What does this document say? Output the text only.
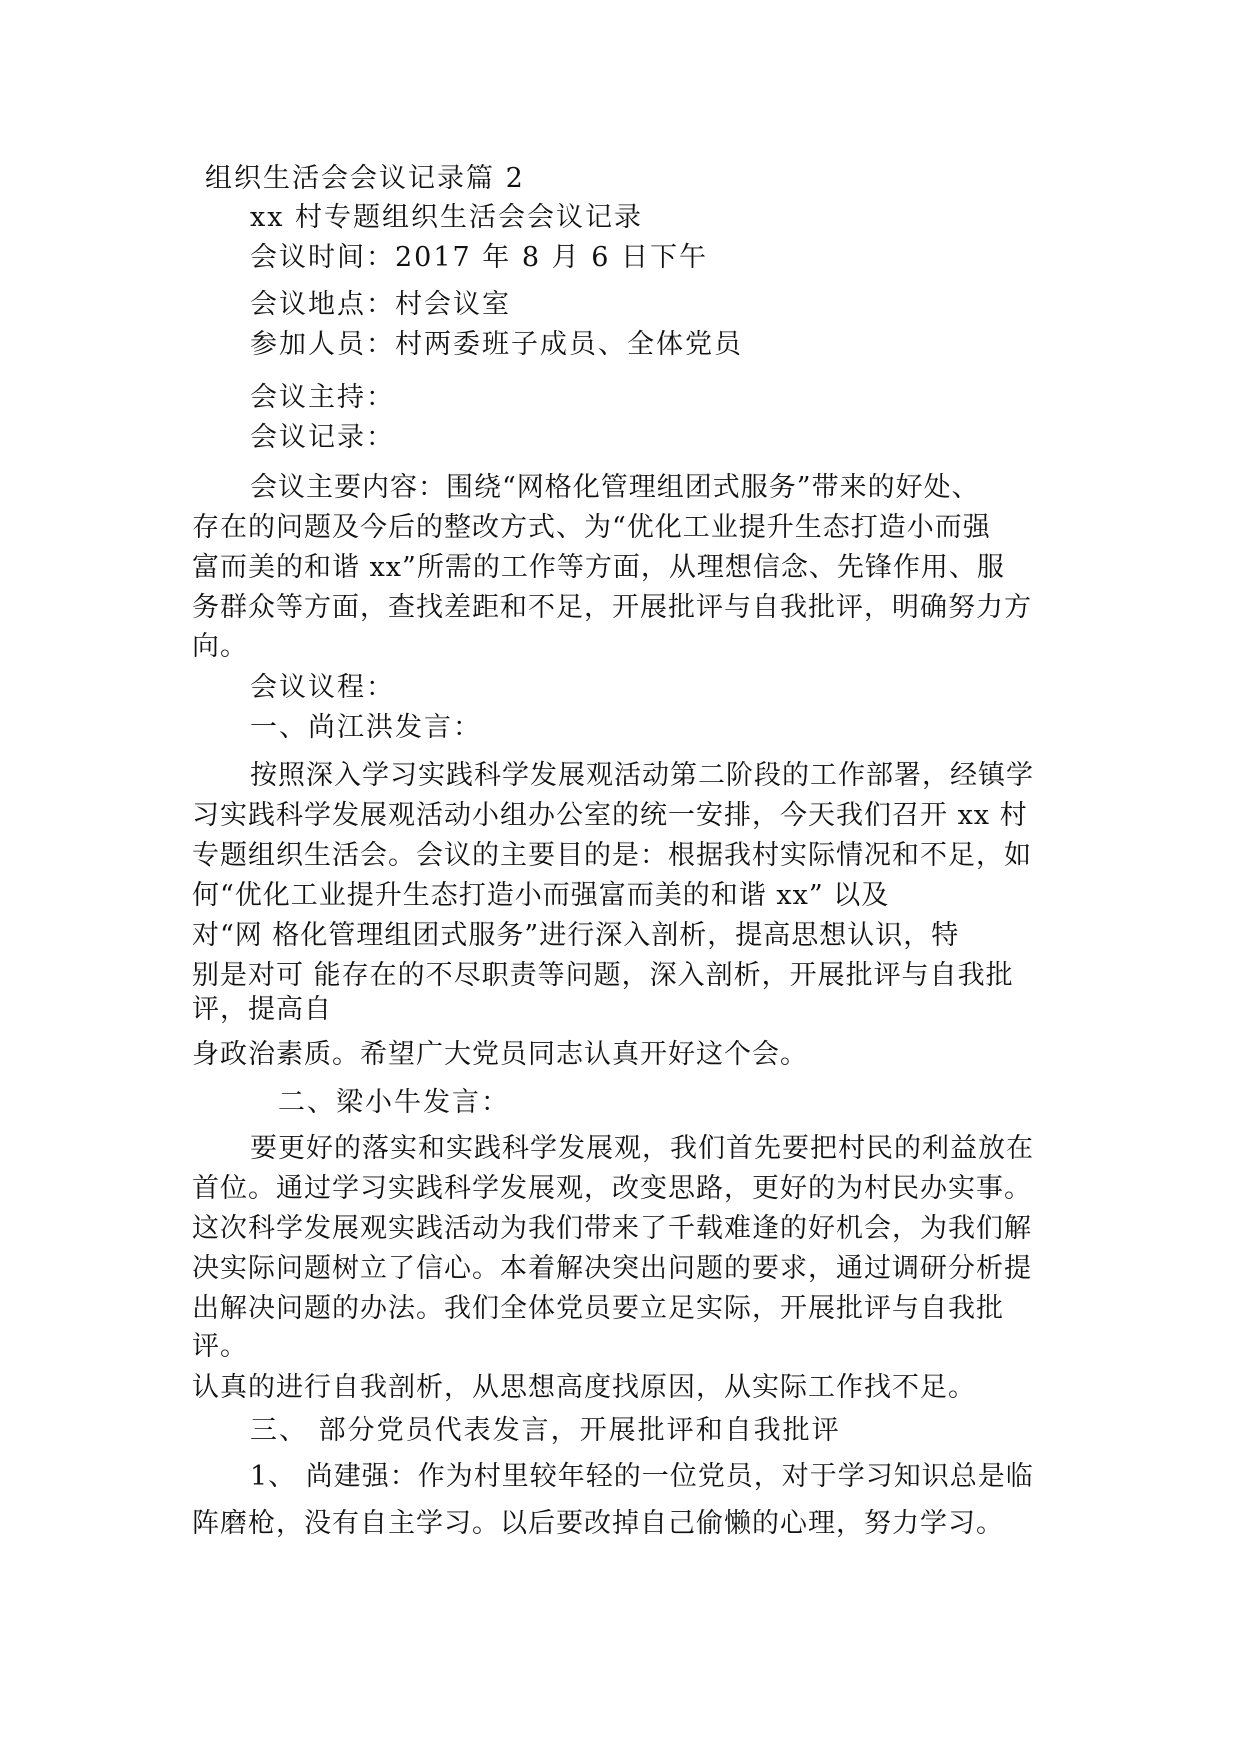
组织生活会会议记录篇 2
xx 村专题组织生活会会议记录
会议时间：2017 年 8 月 6 日下午
会议地点：村会议室
参加人员：村两委班子成员、全体党员
会议主持：
会议记录：
会议主要内容：围绕“网格化管理组团式服务”带来的好处、
存在的问题及今后的整改方式、为“优化工业提升生态打造小而强
富而美的和谐 xx”所需的工作等方面，从理想信念、先锋作用、服
务群众等方面，查找差距和不足，开展批评与自我批评，明确努力方
向。
会议议程：
一、尚江洪发言：
按照深入学习实践科学发展观活动第二阶段的工作部署，经镇学
习实践科学发展观活动小组办公室的统一安排，今天我们召开 xx 村
专题组织生活会。会议的主要目的是：根据我村实际情况和不足，如
何“优化工业提升生态打造小而强富而美的和谐 xx” 以及
对“网 格化管理组团式服务”进行深入剖析，提高思想认识，特
别是对可 能存在的不尽职责等问题，深入剖析，开展批评与自我批
评，提高自
身政治素质。希望广大党员同志认真开好这个会。
二、梁小牛发言：
要更好的落实和实践科学发展观，我们首先要把村民的利益放在
首位。通过学习实践科学发展观，改变思路，更好的为村民办实事。
这次科学发展观实践活动为我们带来了千载难逢的好机会，为我们解
决实际问题树立了信心。本着解决突出问题的要求，通过调研分析提
出解决问题的办法。我们全体党员要立足实际，开展批评与自我批
评。
认真的进行自我剖析，从思想高度找原因，从实际工作找不足。
三、 部分党员代表发言，开展批评和自我批评
1、 尚建强：作为村里较年轻的一位党员，对于学习知识总是临
阵磨枪，没有自主学习。以后要改掉自己偷懒的心理，努力学习。
